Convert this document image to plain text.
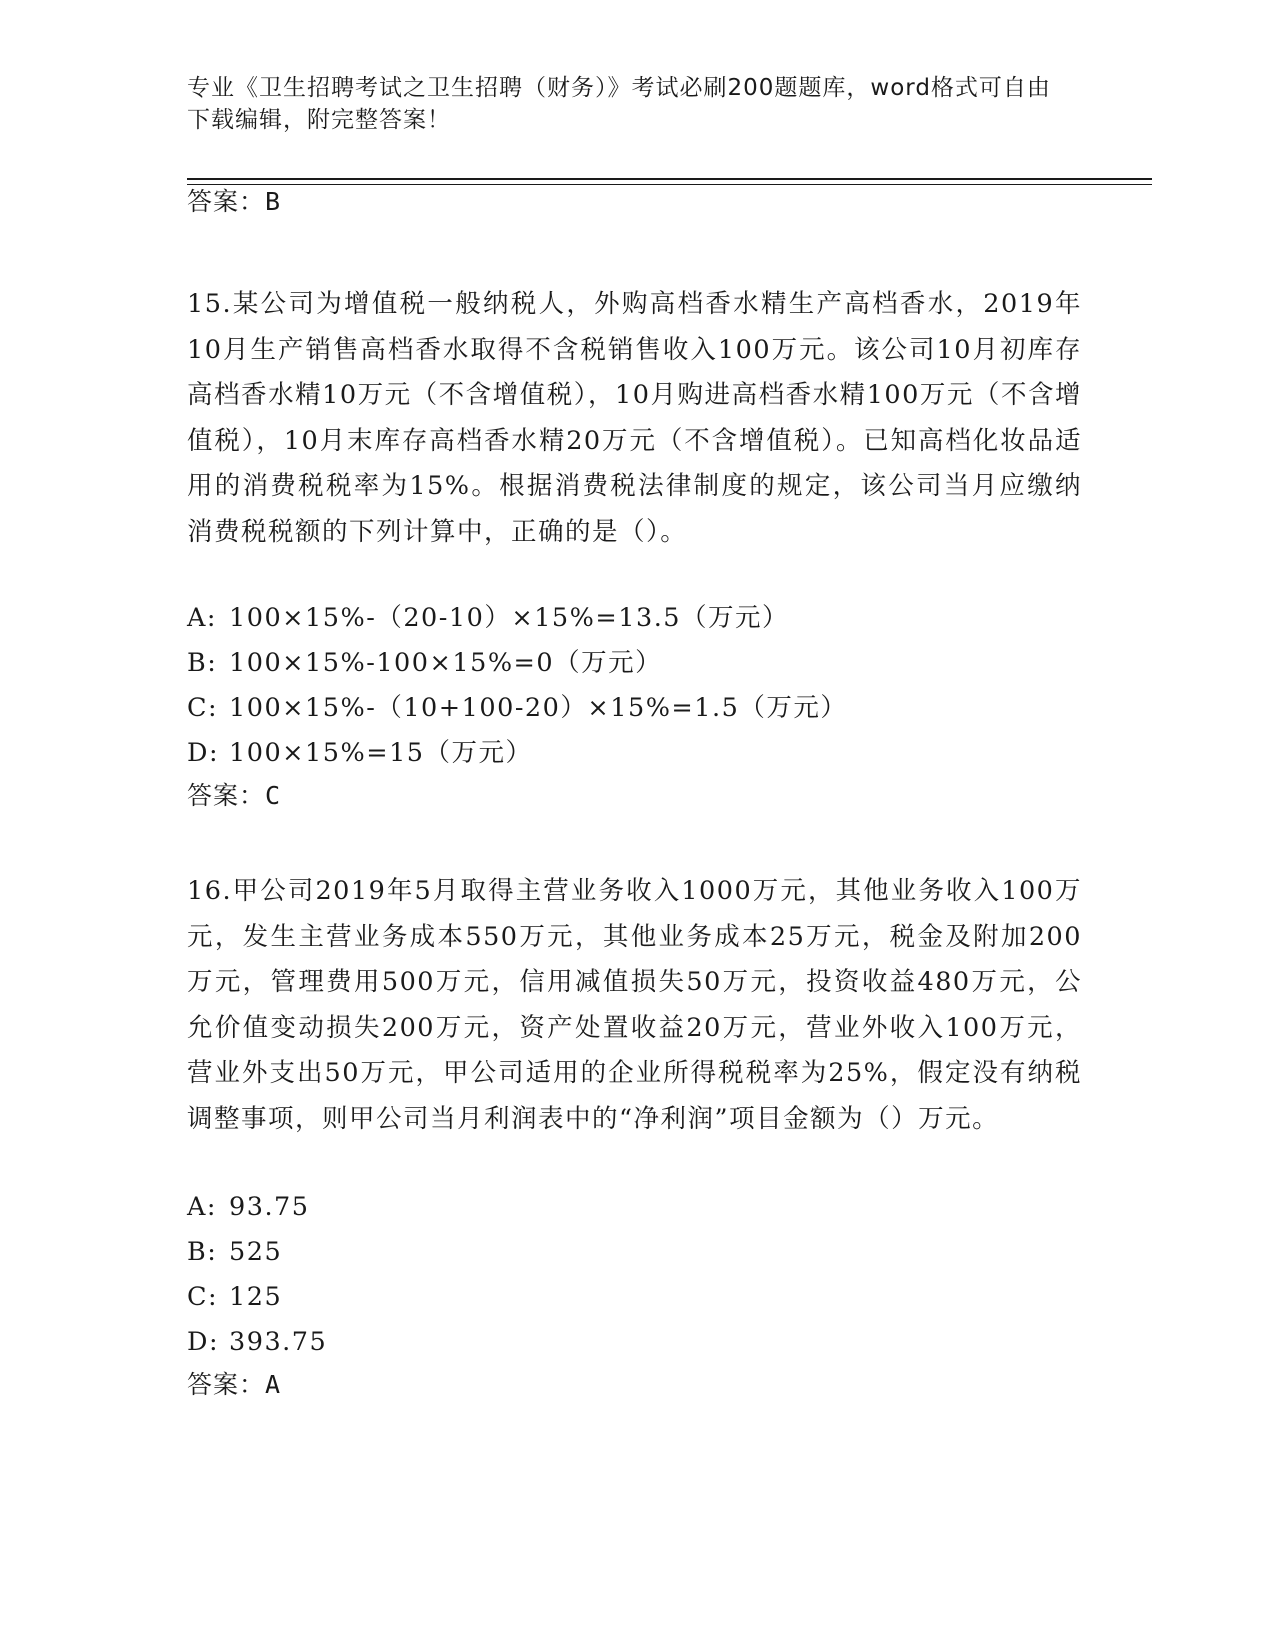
专业《卫生招聘考试之卫生招聘（财务）》考试必刷200题题库，word格式可自由下载编辑，附完整答案！
答案：B
15.某公司为增值税一般纳税人，外购高档香水精生产高档香水，2019年10月生产销售高档香水取得不含税销售收入100万元。该公司10月初库存高档香水精10万元（不含增值税），10月购进高档香水精100万元（不含增值税），10月末库存高档香水精20万元（不含增值税）。已知高档化妆品适用的消费税税率为15%。根据消费税法律制度的规定，该公司当月应缴纳消费税税额的下列计算中，正确的是（）。
A: 100×15%-（20-10）×15%=13.5（万元）
B: 100×15%-100×15%=0（万元）
C: 100×15%-（10+100-20）×15%=1.5（万元）
D: 100×15%=15（万元）
答案：C
16.甲公司2019年5月取得主营业务收入1000万元，其他业务收入100万元，发生主营业务成本550万元，其他业务成本25万元，税金及附加200万元，管理费用500万元，信用减值损失50万元，投资收益480万元，公允价值变动损失200万元，资产处置收益20万元，营业外收入100万元，营业外支出50万元，甲公司适用的企业所得税税率为25%，假定没有纳税调整事项，则甲公司当月利润表中的“净利润”项目金额为（）万元。
A: 93.75
B: 525
C: 125
D: 393.75
答案：A
